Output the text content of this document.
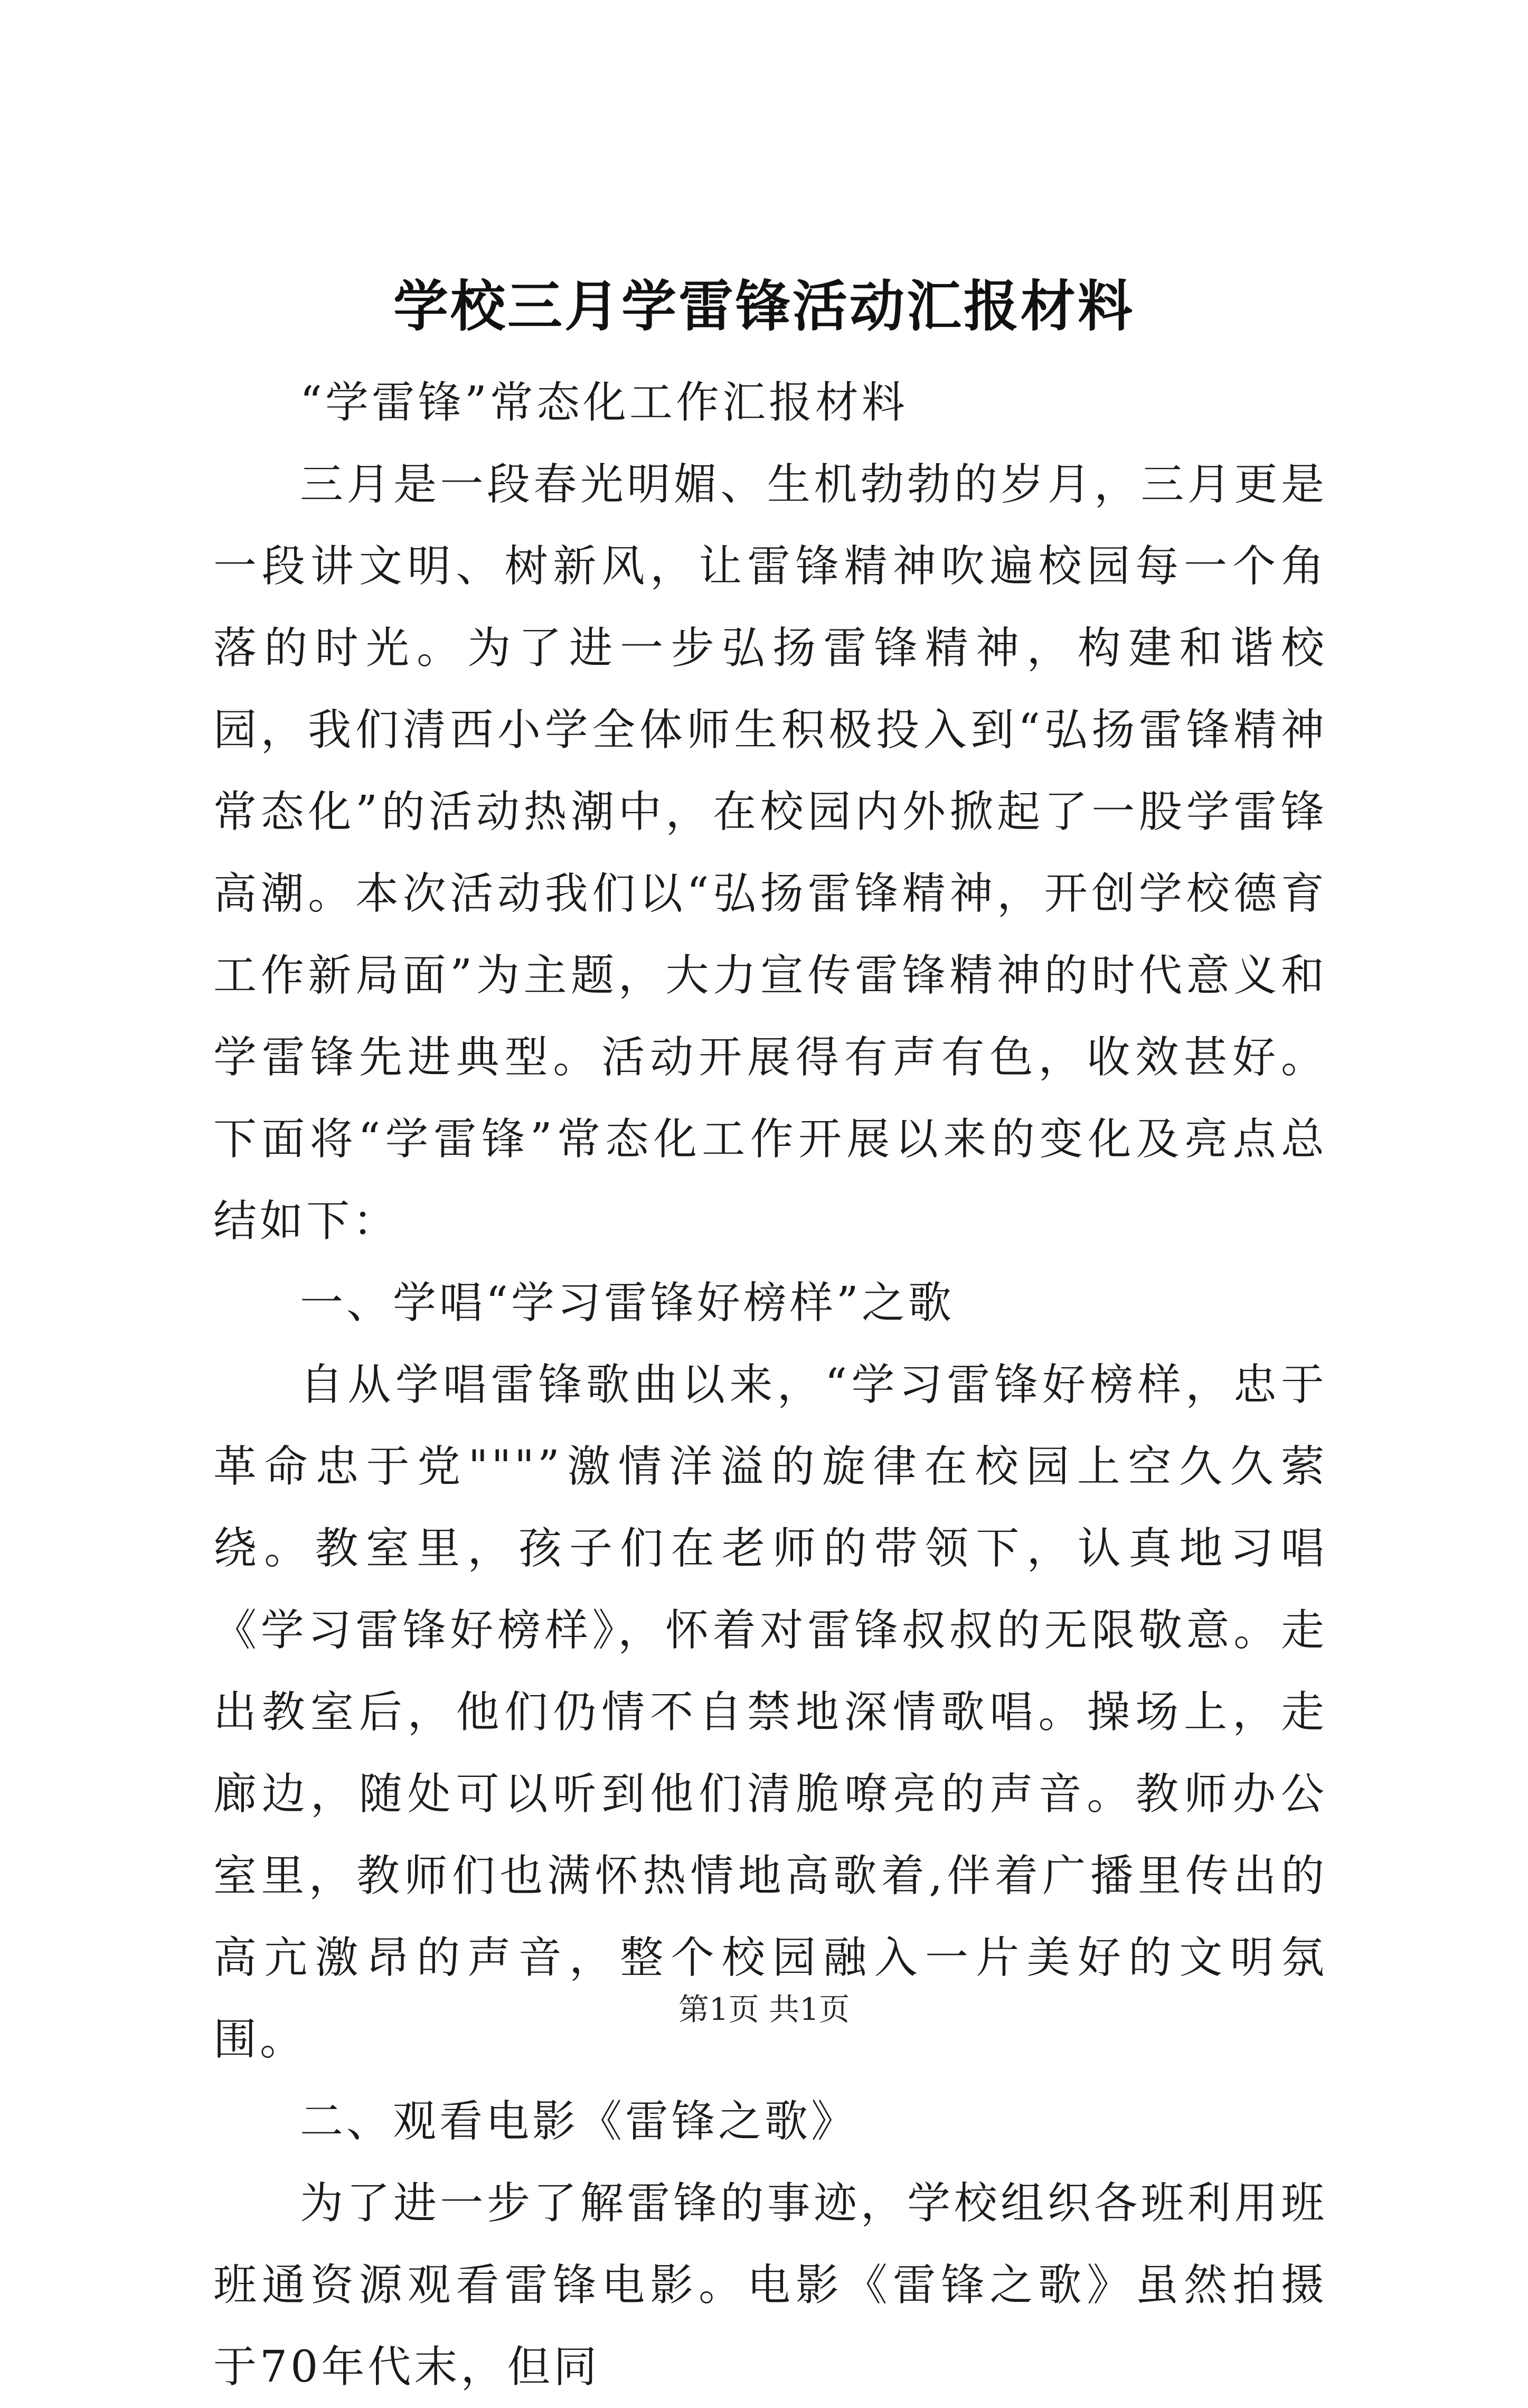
学校三月学雷锋活动汇报材料

“学雷锋”常态化工作汇报材料

三月是一段春光明媚、生机勃勃的岁月，三月更是一段讲文明、树新风，让雷锋精神吹遍校园每一个角落的时光。为了进一步弘扬雷锋精神，构建和谐校园，我们清西小学全体师生积极投入到“弘扬雷锋精神常态化”的活动热潮中，在校园内外掀起了一股学雷锋高潮。本次活动我们以“弘扬雷锋精神，开创学校德育工作新局面”为主题，大力宣传雷锋精神的时代意义和学雷锋先进典型。活动开展得有声有色，收效甚好。下面将“学雷锋”常态化工作开展以来的变化及亮点总结如下：

一、学唱“学习雷锋好榜样”之歌

自从学唱雷锋歌曲以来，“学习雷锋好榜样，忠于革命忠于党"""”激情洋溢的旋律在校园上空久久萦绕。教室里，孩子们在老师的带领下，认真地习唱《学习雷锋好榜样》，怀着对雷锋叔叔的无限敬意。走出教室后，他们仍情不自禁地深情歌唱。操场上，走廊边，随处可以听到他们清脆嘹亮的声音。教师办公室里，教师们也满怀热情地高歌着,伴着广播里传出的高亢激昂的声音，整个校园融入一片美好的文明氛围。

二、观看电影《雷锋之歌》

为了进一步了解雷锋的事迹，学校组织各班利用班班通资源观看雷锋电影。电影《雷锋之歌》虽然拍摄于70年代末，但同

第1页 共1页
